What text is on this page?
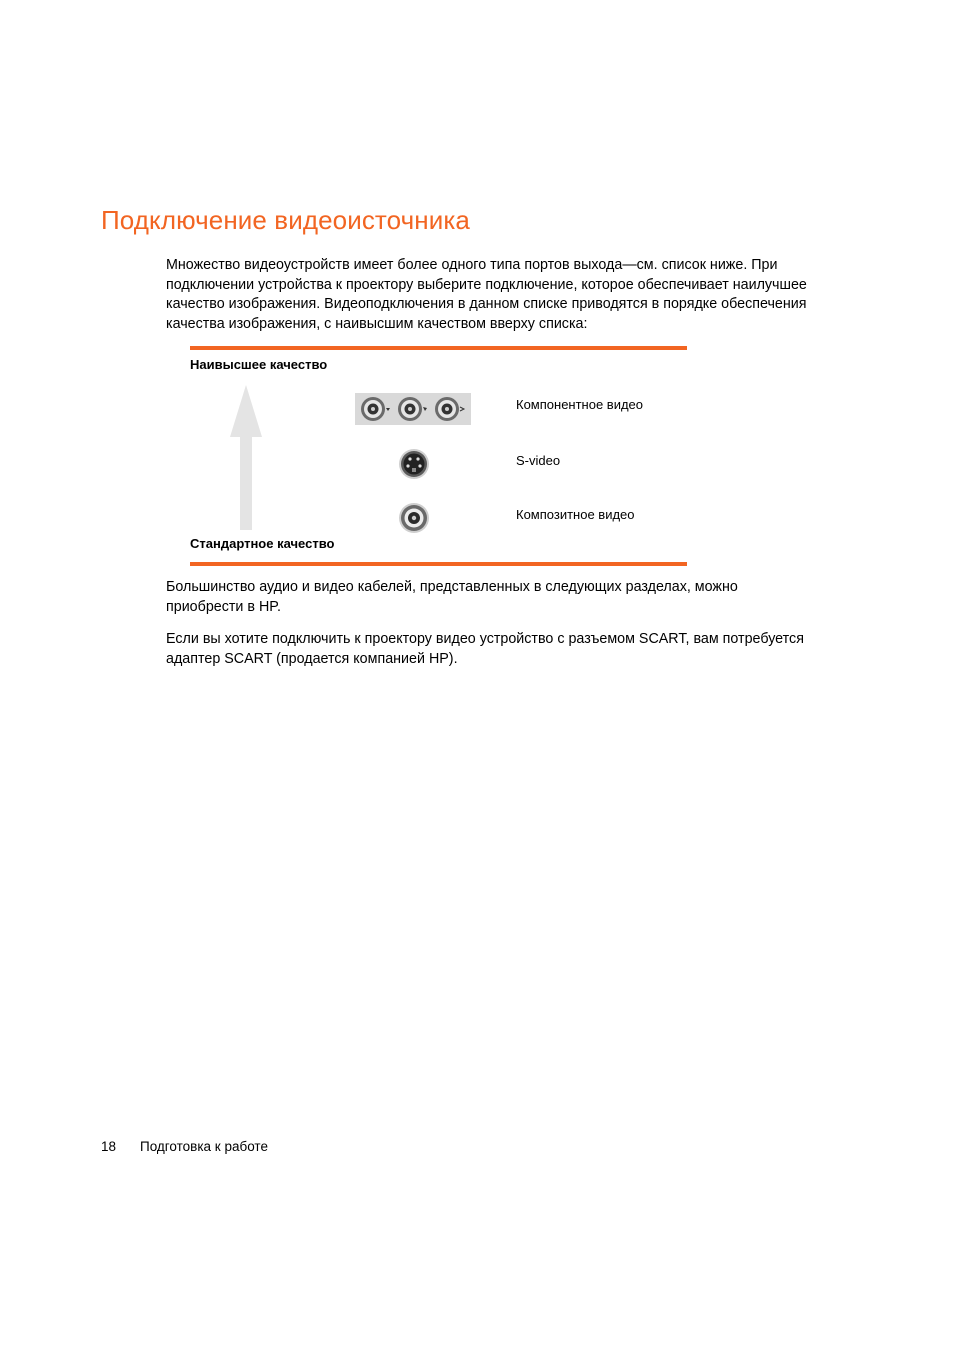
Подключение видеоисточника

Множество видеоустройств имеет более одного типа портов выхода—см. список ниже. При подключении устройства к проектору выберите подключение, которое обеспечивает наилучшее качество изображения. Видеоподключения в данном списке приводятся в порядке обеспечения качества изображения, с наивысшим качеством вверху списка:

Наивысшее качество
Компонентное видео
S-video
Композитное видео
Стандартное качество

Большинство аудио и видео кабелей, представленных в следующих разделах, можно приобрести в HP.

Если вы хотите подключить к проектору видео устройство с разъемом SCART, вам потребуется адаптер SCART (продается компанией HP).

18 Подготовка к работе
